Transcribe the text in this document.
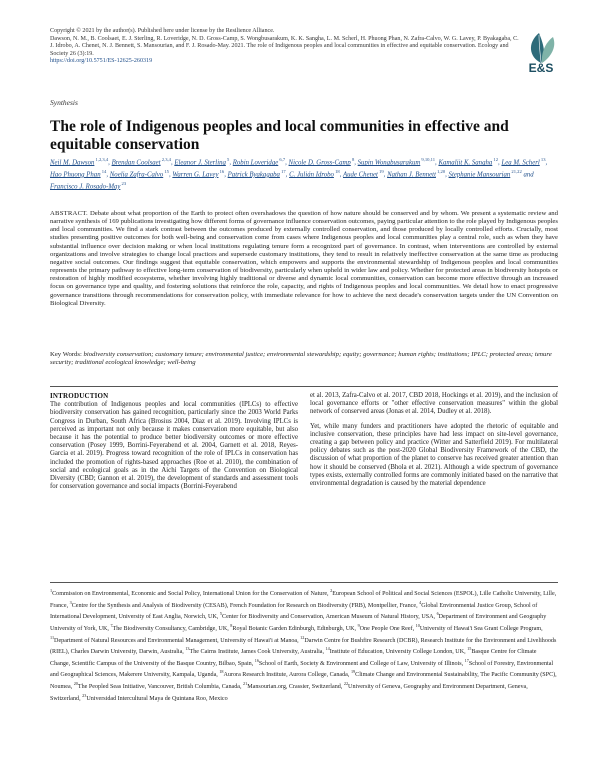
Copyright © 2021 by the author(s). Published here under license by the Resilience Alliance.
Dawson, N. M., B. Coolsaet, E. J. Sterling, R. Loveridge, N. D. Gross-Camp, S. Wongbusarakum, K. K. Sangha, L. M. Scherl, H. Phuong Phan, N. Zafra-Calvo, W. G. Lavey, P. Byakagaba, C. J. Idrobo, A. Chenet, N. J. Bennett, S. Mansourian, and F. J. Rosado-May. 2021. The role of Indigenous peoples and local communities in effective and equitable conservation. Ecology and Society 26 (3):19.
https://doi.org/10.5751/ES-12625-260319	E&S
Synthesis
The role of Indigenous peoples and local communities in effective and equitable conservation
Neil M. Dawson $^{1,2,3,4}$, Brendan Coolsaet $^{2,3,4}$, Eleanor J. Sterling $^5$, Robin Loveridge $^{6,7}$, Nicole D. Gross-Camp $^8$, Supin Wongbusarakum $^{9,10,11}$, Kamaljit K. Sangha $^{12}$, Lea M. Scherl $^{13}$, Hao Phuong Phan $^{14}$, Noelia Zafra-Calvo $^{15}$, Warren G. Lavey $^{16}$, Patrick Byakagaba $^{17}$, C. Julián Idrobo $^{18}$, Aude Chenet $^{19}$, Nathan J. Bennett $^{1,20}$, Stephanie Mansourian $^{21,22}$ and Francisco J. Rosado-May $^{23}$
ABSTRACT. Debate about what proportion of the Earth to protect often overshadows the question of how nature should be conserved and by whom. We present a systematic review and narrative synthesis of 169 publications investigating how different forms of governance influence conservation outcomes, paying particular attention to the role played by Indigenous peoples and local communities. We find a stark contrast between the outcomes produced by externally controlled conservation, and those produced by locally controlled efforts. Crucially, most studies presenting positive outcomes for both well-being and conservation come from cases where Indigenous peoples and local communities play a central role, such as when they have substantial influence over decision making or when local institutions regulating tenure form a recognized part of governance. In contrast, when interventions are controlled by external organizations and involve strategies to change local practices and supersede customary institutions, they tend to result in relatively ineffective conservation at the same time as producing negative social outcomes. Our findings suggest that equitable conservation, which empowers and supports the environmental stewardship of Indigenous peoples and local communities represents the primary pathway to effective long-term conservation of biodiversity, particularly when upheld in wider law and policy. Whether for protected areas in biodiversity hotspots or restoration of highly modified ecosystems, whether involving highly traditional or diverse and dynamic local communities, conservation can become more effective through an increased focus on governance type and quality, and fostering solutions that reinforce the role, capacity, and rights of Indigenous peoples and local communities. We detail how to enact progressive governance transitions through recommendations for conservation policy, with immediate relevance for how to achieve the next decade's conservation targets under the UN Convention on Biological Diversity.
Key Words: biodiversity conservation; customary tenure; environmental justice; environmental stewardship; equity; governance; human rights; institutions; IPLC; protected areas; tenure security; traditional ecological knowledge; well-being
INTRODUCTION

The contribution of Indigenous peoples and local communities (IPLCs) to effective biodiversity conservation has gained recognition, particularly since the 2003 World Parks Congress in Durban, South Africa (Brosius 2004, Diaz et al. 2019). Involving IPLCs is perceived as important not only because it makes conservation more equitable, but also because it has the potential to produce better biodiversity outcomes or more effective conservation (Posey 1999, Borrini-Feyerabend et al. 2004, Garnett et al. 2018, Reyes-Garcia et al. 2019). Progress toward recognition of the role of IPLCs in conservation has included the promotion of rights-based approaches (Roe et al. 2010), the combination of social and ecological goals as in the Aichi Targets of the Convention on Biological Diversity (CBD; Gannon et al. 2019), the development of standards and assessment tools for conservation governance and social impacts (Borrini-Feyerabend

et al. 2013, Zafra-Calvo et al. 2017, CBD 2018, Hockings et al. 2019), and the inclusion of local governance efforts or "other effective conservation measures" within the global network of conserved areas (Jonas et al. 2014, Dudley et al. 2018).

Yet, while many funders and practitioners have adopted the rhetoric of equitable and inclusive conservation, these principles have had less impact on site-level governance, creating a gap between policy and practice (Witter and Satterfield 2019). For multilateral policy debates such as the post-2020 Global Biodiversity Framework of the CBD, the discussion of what proportion of the planet to conserve has received greater attention than how it should be conserved (Bhola et al. 2021). Although a wide spectrum of governance types exists, externally controlled forms are commonly initiated based on the narrative that environmental degradation is caused by the material dependence

$^1$Commission on Environmental, Economic and Social Policy, International Union for the Conservation of Nature, $^2$European School of Political and Social Sciences (ESPOL), Lille Catholic University, Lille, France, $^3$Centre for the Synthesis and Analysis of Biodiversity (CESAB), French Foundation for Research on Biodiversity (FRB), Montpellier, France, $^4$Global Environmental Justice Group, School of International Development, University of East Anglia, Norwich, UK, $^5$Center for Biodiversity and Conservation, American Museum of Natural History, USA, $^6$Department of Environment and Geography University of York, UK, $^7$The Biodiversity Consultancy, Cambridge, UK, $^8$Royal Botanic Garden Edinburgh, Edinburgh, UK, $^9$One People One Reef, $^{10}$University of Hawai'i Sea Grant College Program, $^{11}$Department of Natural Resources and Environmental Management, University of Hawai'i at Manoa, $^{12}$Darwin Centre for Bushfire Research (DCBR), Research Institute for the Environment and Livelihoods (RIEL), Charles Darwin University, Darwin, Australia, $^{13}$The Cairns Institute, James Cook University, Australia, $^{14}$Institute of Education, University College London, UK, $^{15}$Basque Centre for Climate Change, Scientific Campus of the University of the Basque Country, Bilbao, Spain, $^{16}$School of Earth, Society & Environment and College of Law, University of Illinois, $^{17}$School of Forestry, Environmental and Geographical Sciences, Makerere University, Kampala, Uganda, $^{18}$Aurora Research Institute, Aurora College, Canada, $^{19}$Climate Change and Environmental Sustainability, The Pacific Community (SPC), Noumea, $^{20}$The Peopled Seas Initiative, Vancouver, British Columbia, Canada, $^{21}$Mansourian.org, Crassier, Switzerland, $^{22}$University of Geneva, Geography and Environment Department, Geneva, Switzerland, $^{23}$Universidad Intercultural Maya de Quintana Roo, Mexico
